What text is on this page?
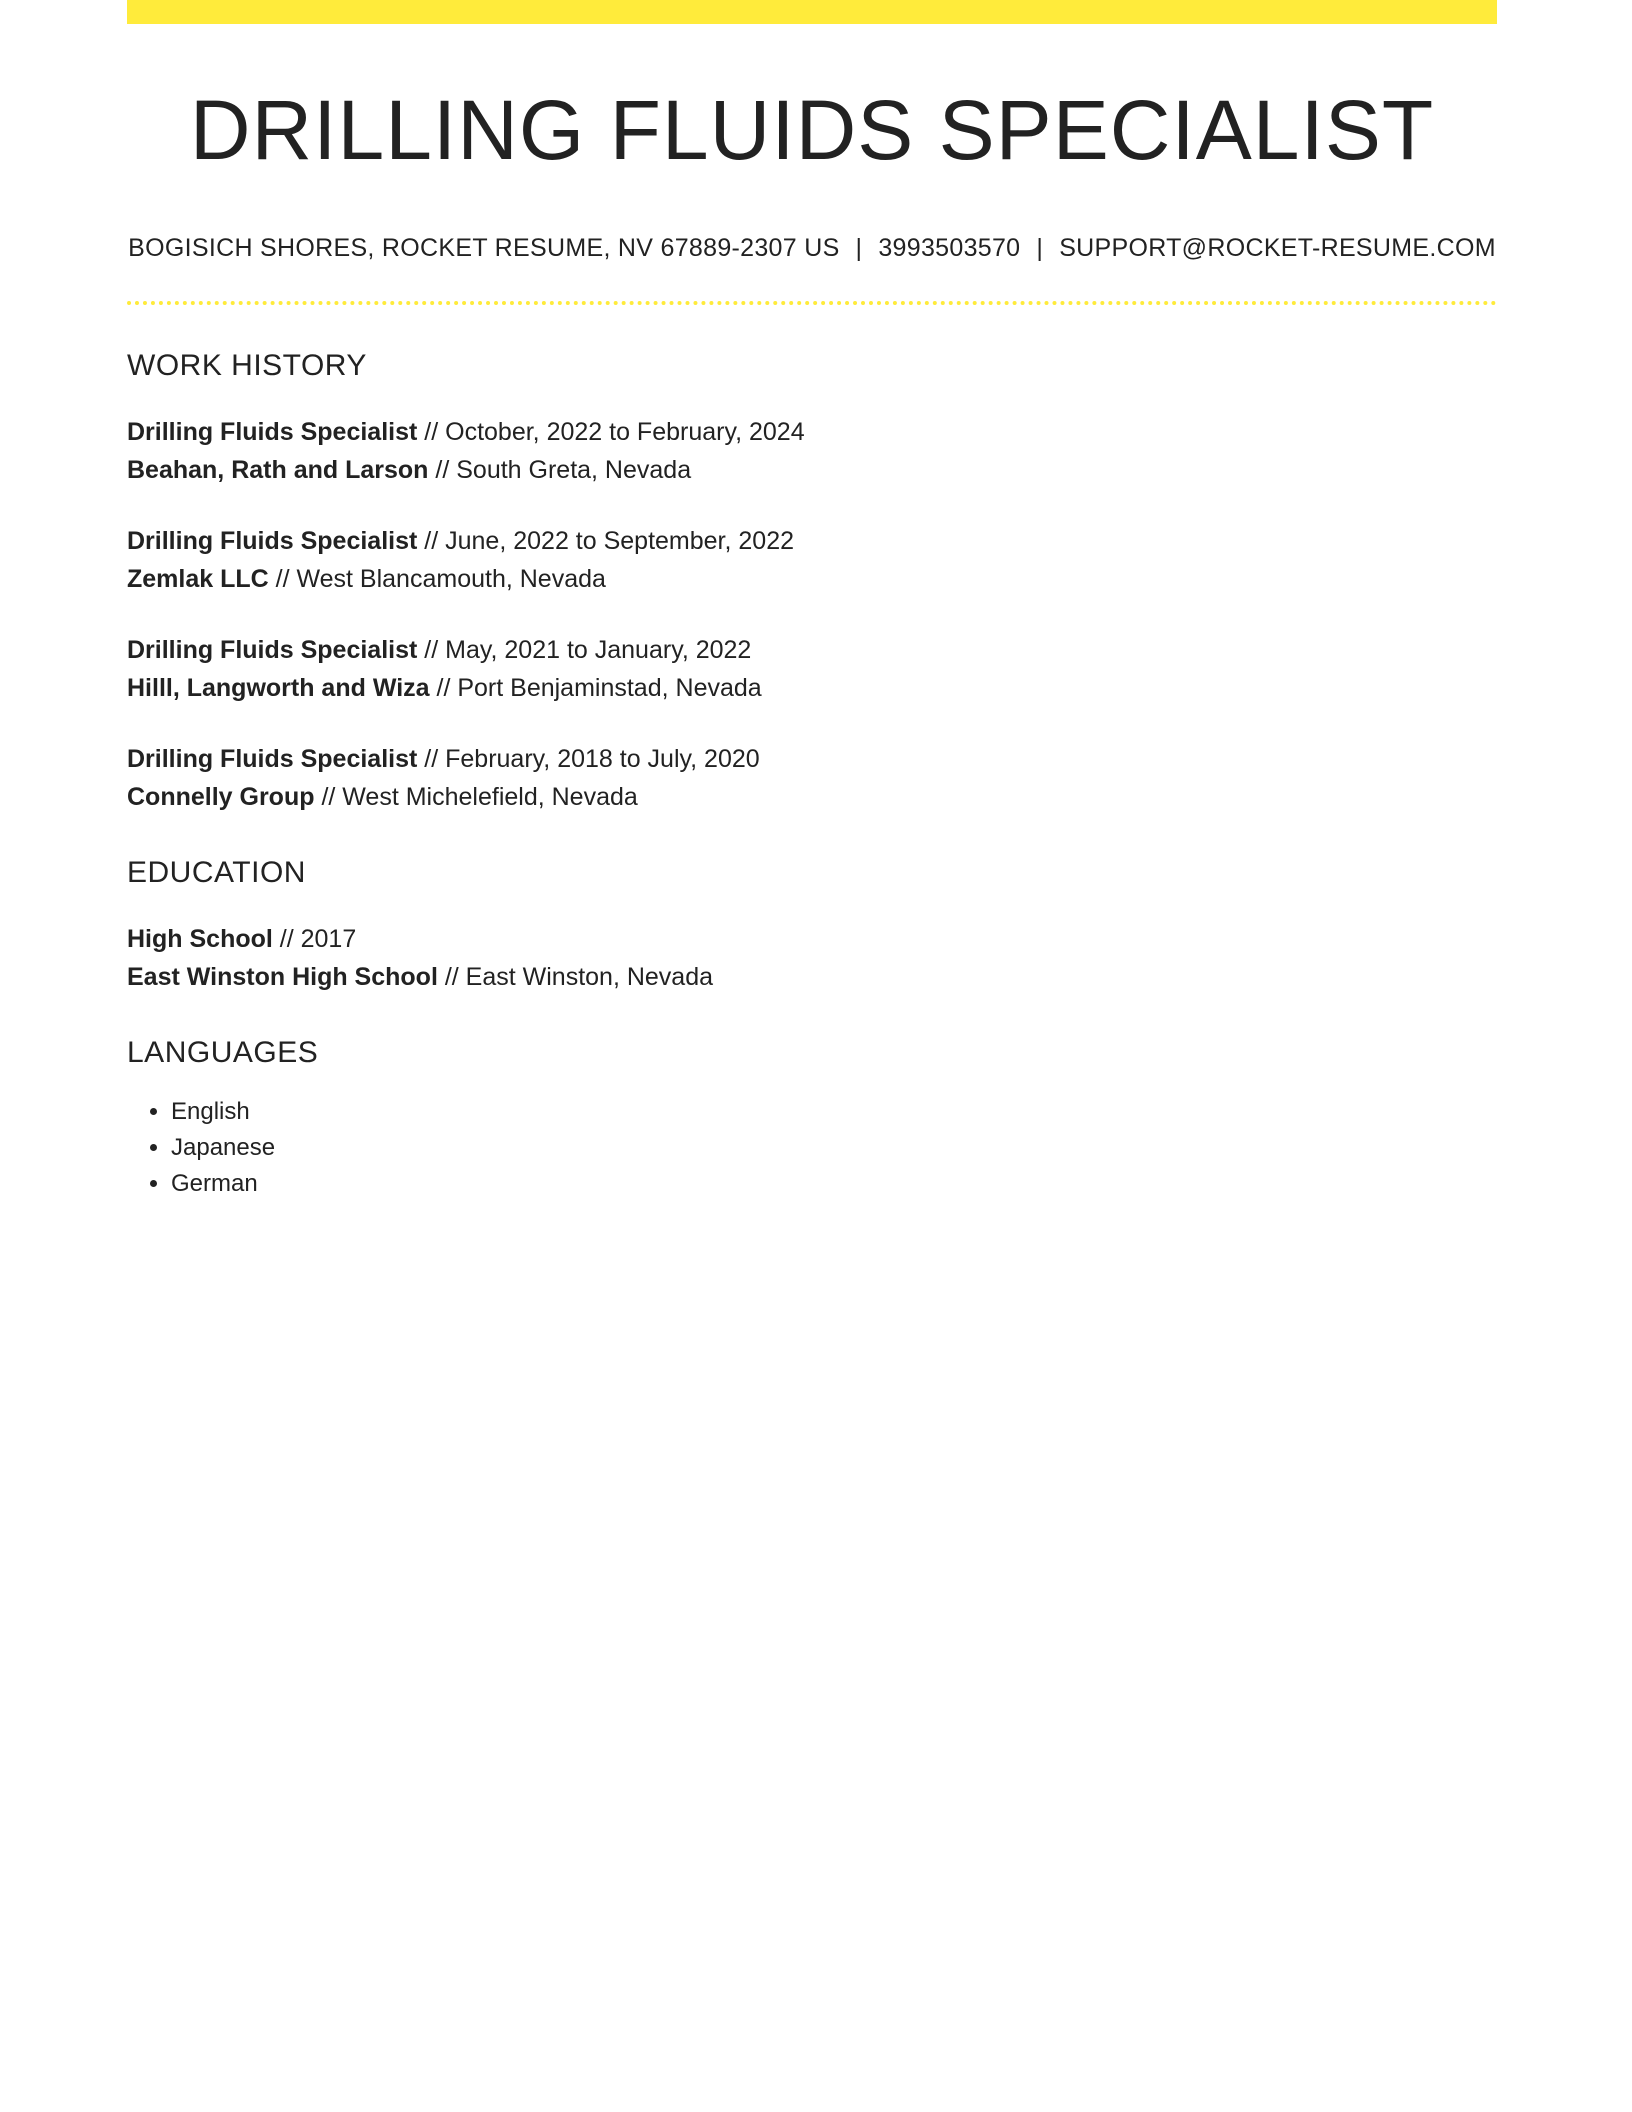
DRILLING FLUIDS SPECIALIST
BOGISICH SHORES, ROCKET RESUME, NV 67889-2307 US | 3993503570 | SUPPORT@ROCKET-RESUME.COM
WORK HISTORY
Drilling Fluids Specialist // October, 2022 to February, 2024
Beahan, Rath and Larson // South Greta, Nevada
Drilling Fluids Specialist // June, 2022 to September, 2022
Zemlak LLC // West Blancamouth, Nevada
Drilling Fluids Specialist // May, 2021 to January, 2022
Hilll, Langworth and Wiza // Port Benjaminstad, Nevada
Drilling Fluids Specialist // February, 2018 to July, 2020
Connelly Group // West Michelefield, Nevada
EDUCATION
High School // 2017
East Winston High School // East Winston, Nevada
LANGUAGES
• English
• Japanese
• German
